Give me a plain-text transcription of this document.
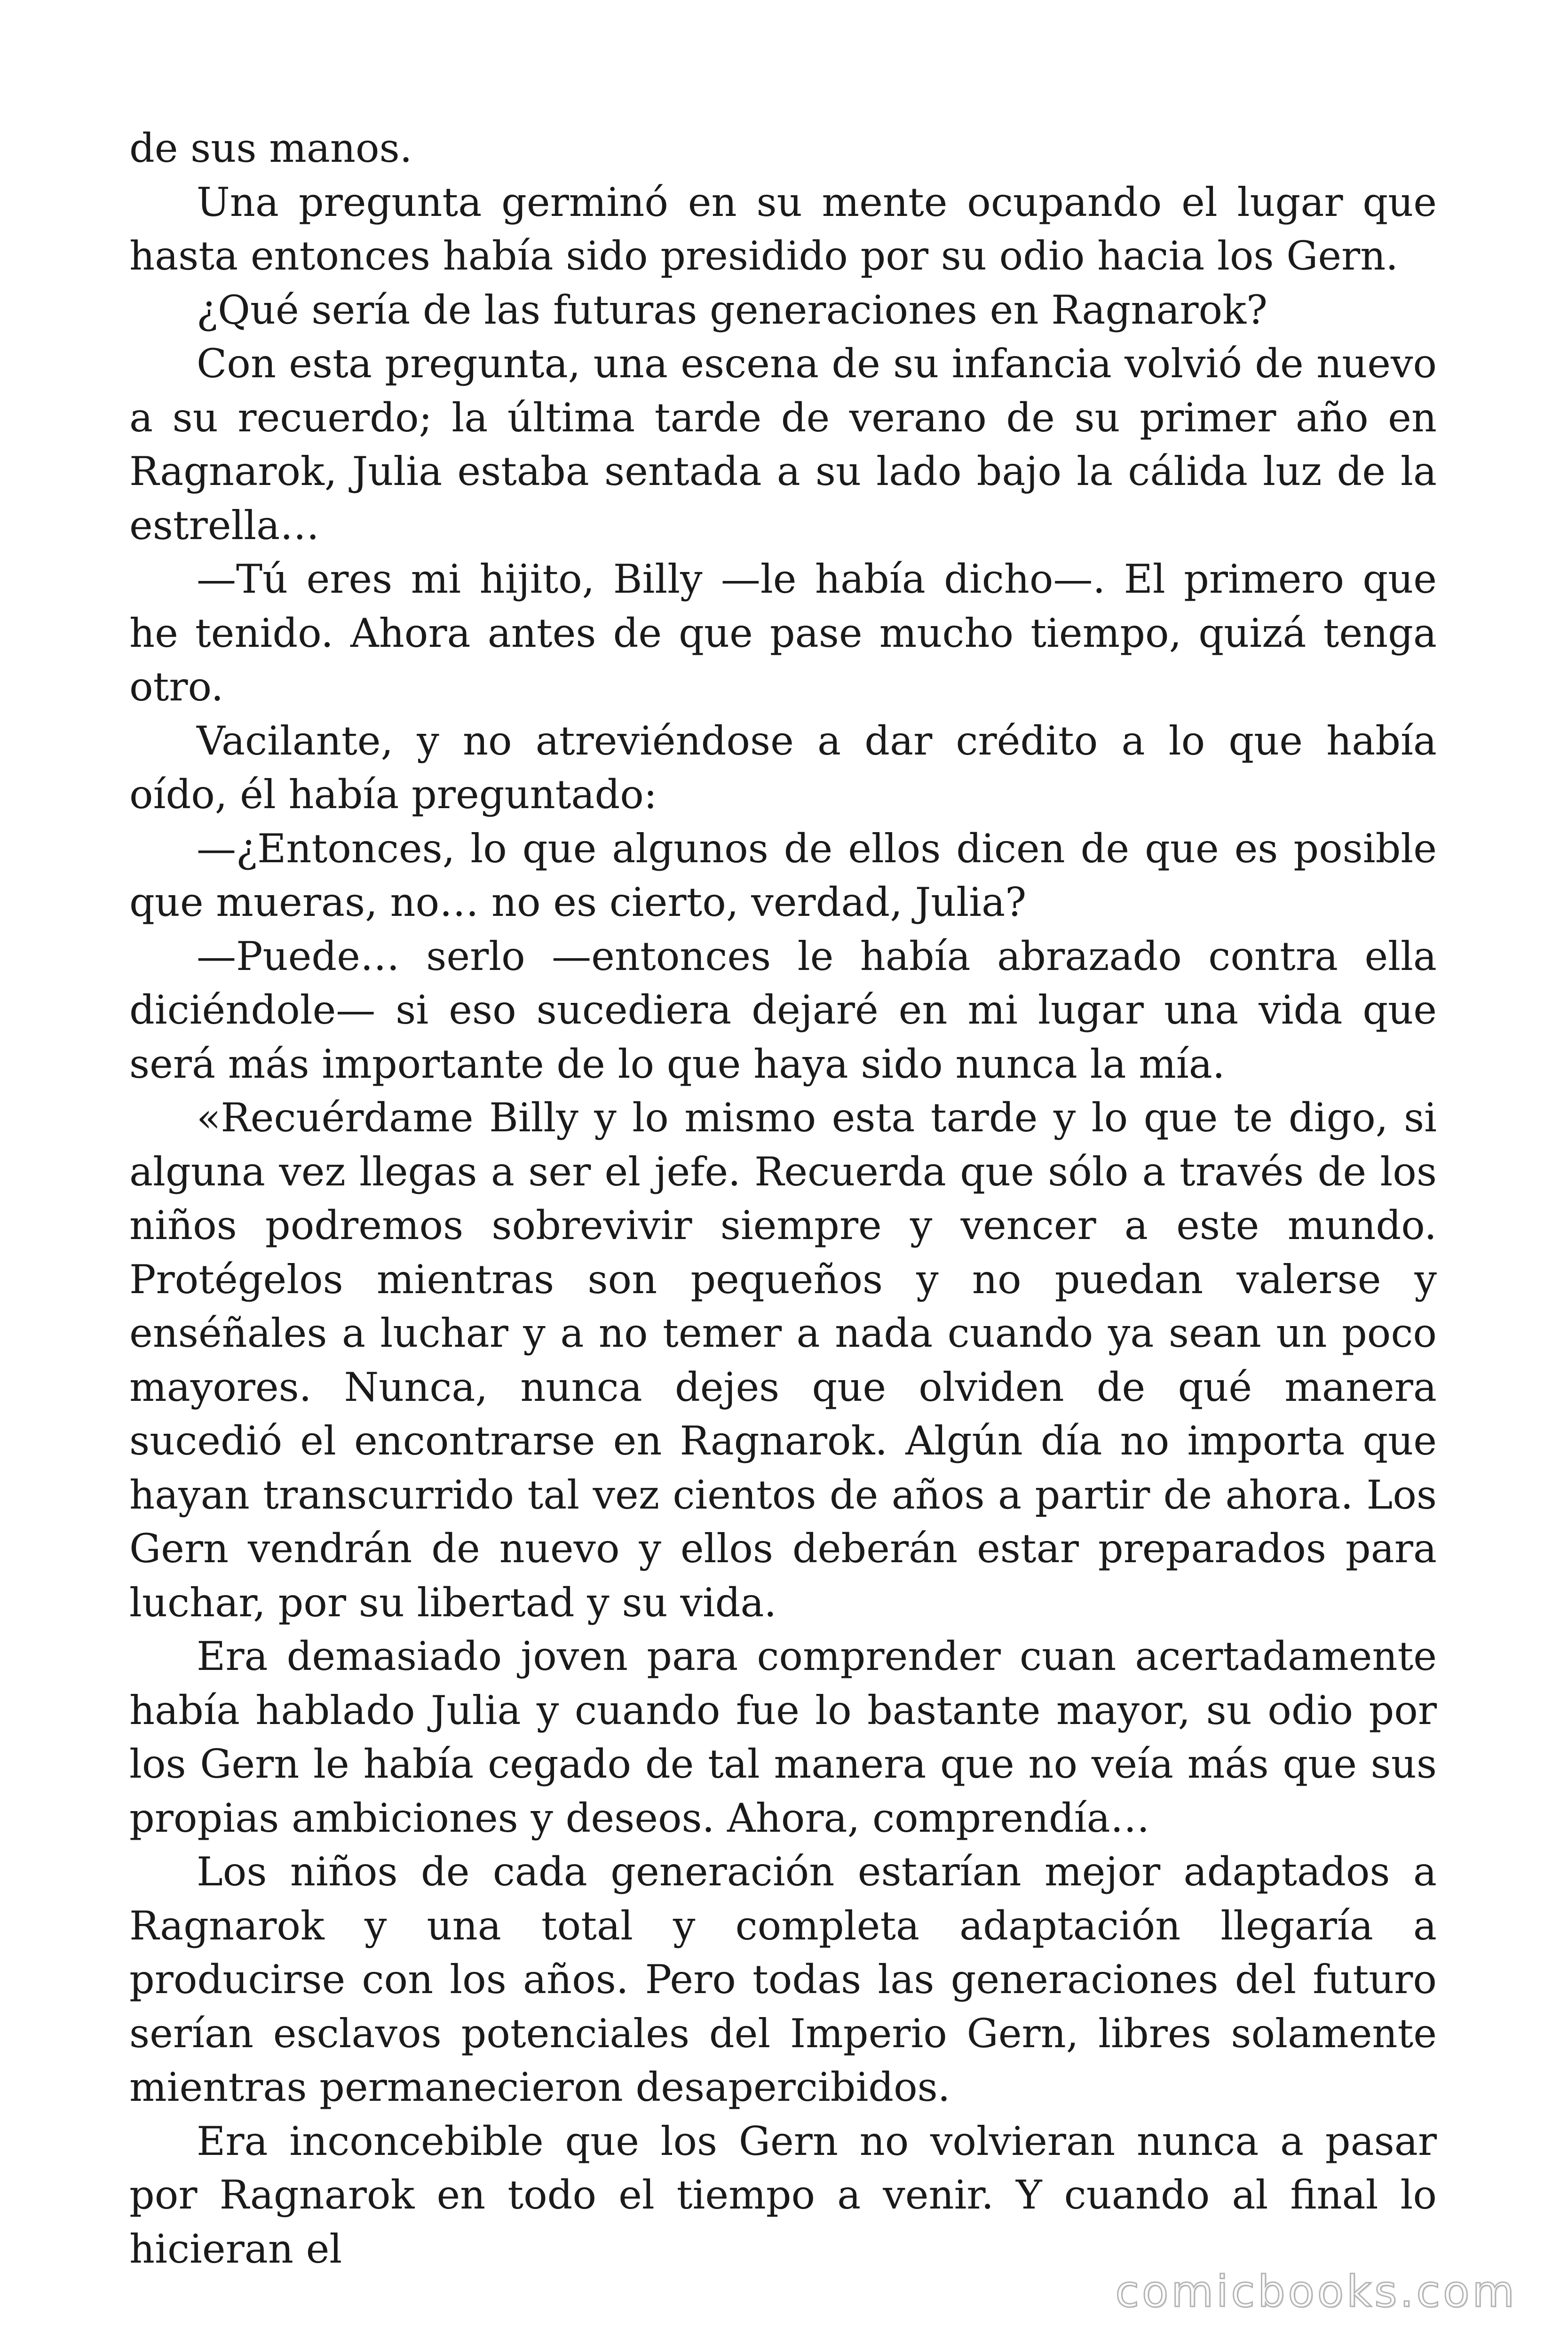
de sus manos.

Una pregunta germinó en su mente ocupando el lugar que hasta entonces había sido presidido por su odio hacia los Gern.

¿Qué sería de las futuras generaciones en Ragnarok?

Con esta pregunta, una escena de su infancia volvió de nuevo a su recuerdo; la última tarde de verano de su primer año en Ragnarok, Julia estaba sentada a su lado bajo la cálida luz de la estrella…

—Tú eres mi hijito, Billy —le había dicho—. El primero que he tenido. Ahora antes de que pase mucho tiempo, quizá tenga otro.

Vacilante, y no atreviéndose a dar crédito a lo que había oído, él había preguntado:

—¿Entonces, lo que algunos de ellos dicen de que es posible que mueras, no… no es cierto, verdad, Julia?

—Puede… serlo —entonces le había abrazado contra ella diciéndole— si eso sucediera dejaré en mi lugar una vida que será más importante de lo que haya sido nunca la mía.

«Recuérdame Billy y lo mismo esta tarde y lo que te digo, si alguna vez llegas a ser el jefe. Recuerda que sólo a través de los niños podremos sobrevivir siempre y vencer a este mundo. Protégelos mientras son pequeños y no puedan valerse y enséñales a luchar y a no temer a nada cuando ya sean un poco mayores. Nunca, nunca dejes que olviden de qué manera sucedió el encontrarse en Ragnarok. Algún día no importa que hayan transcurrido tal vez cientos de años a partir de ahora. Los Gern vendrán de nuevo y ellos deberán estar preparados para luchar, por su libertad y su vida.

Era demasiado joven para comprender cuan acertadamente había hablado Julia y cuando fue lo bastante mayor, su odio por los Gern le había cegado de tal manera que no veía más que sus propias ambiciones y deseos. Ahora, comprendía…

Los niños de cada generación estarían mejor adaptados a Ragnarok y una total y completa adaptación llegaría a producirse con los años. Pero todas las generaciones del futuro serían esclavos potenciales del Imperio Gern, libres solamente mientras permanecieron desapercibidos.

Era inconcebible que los Gern no volvieran nunca a pasar por Ragnarok en todo el tiempo a venir. Y cuando al final lo hicieran el

comicbooks.com
